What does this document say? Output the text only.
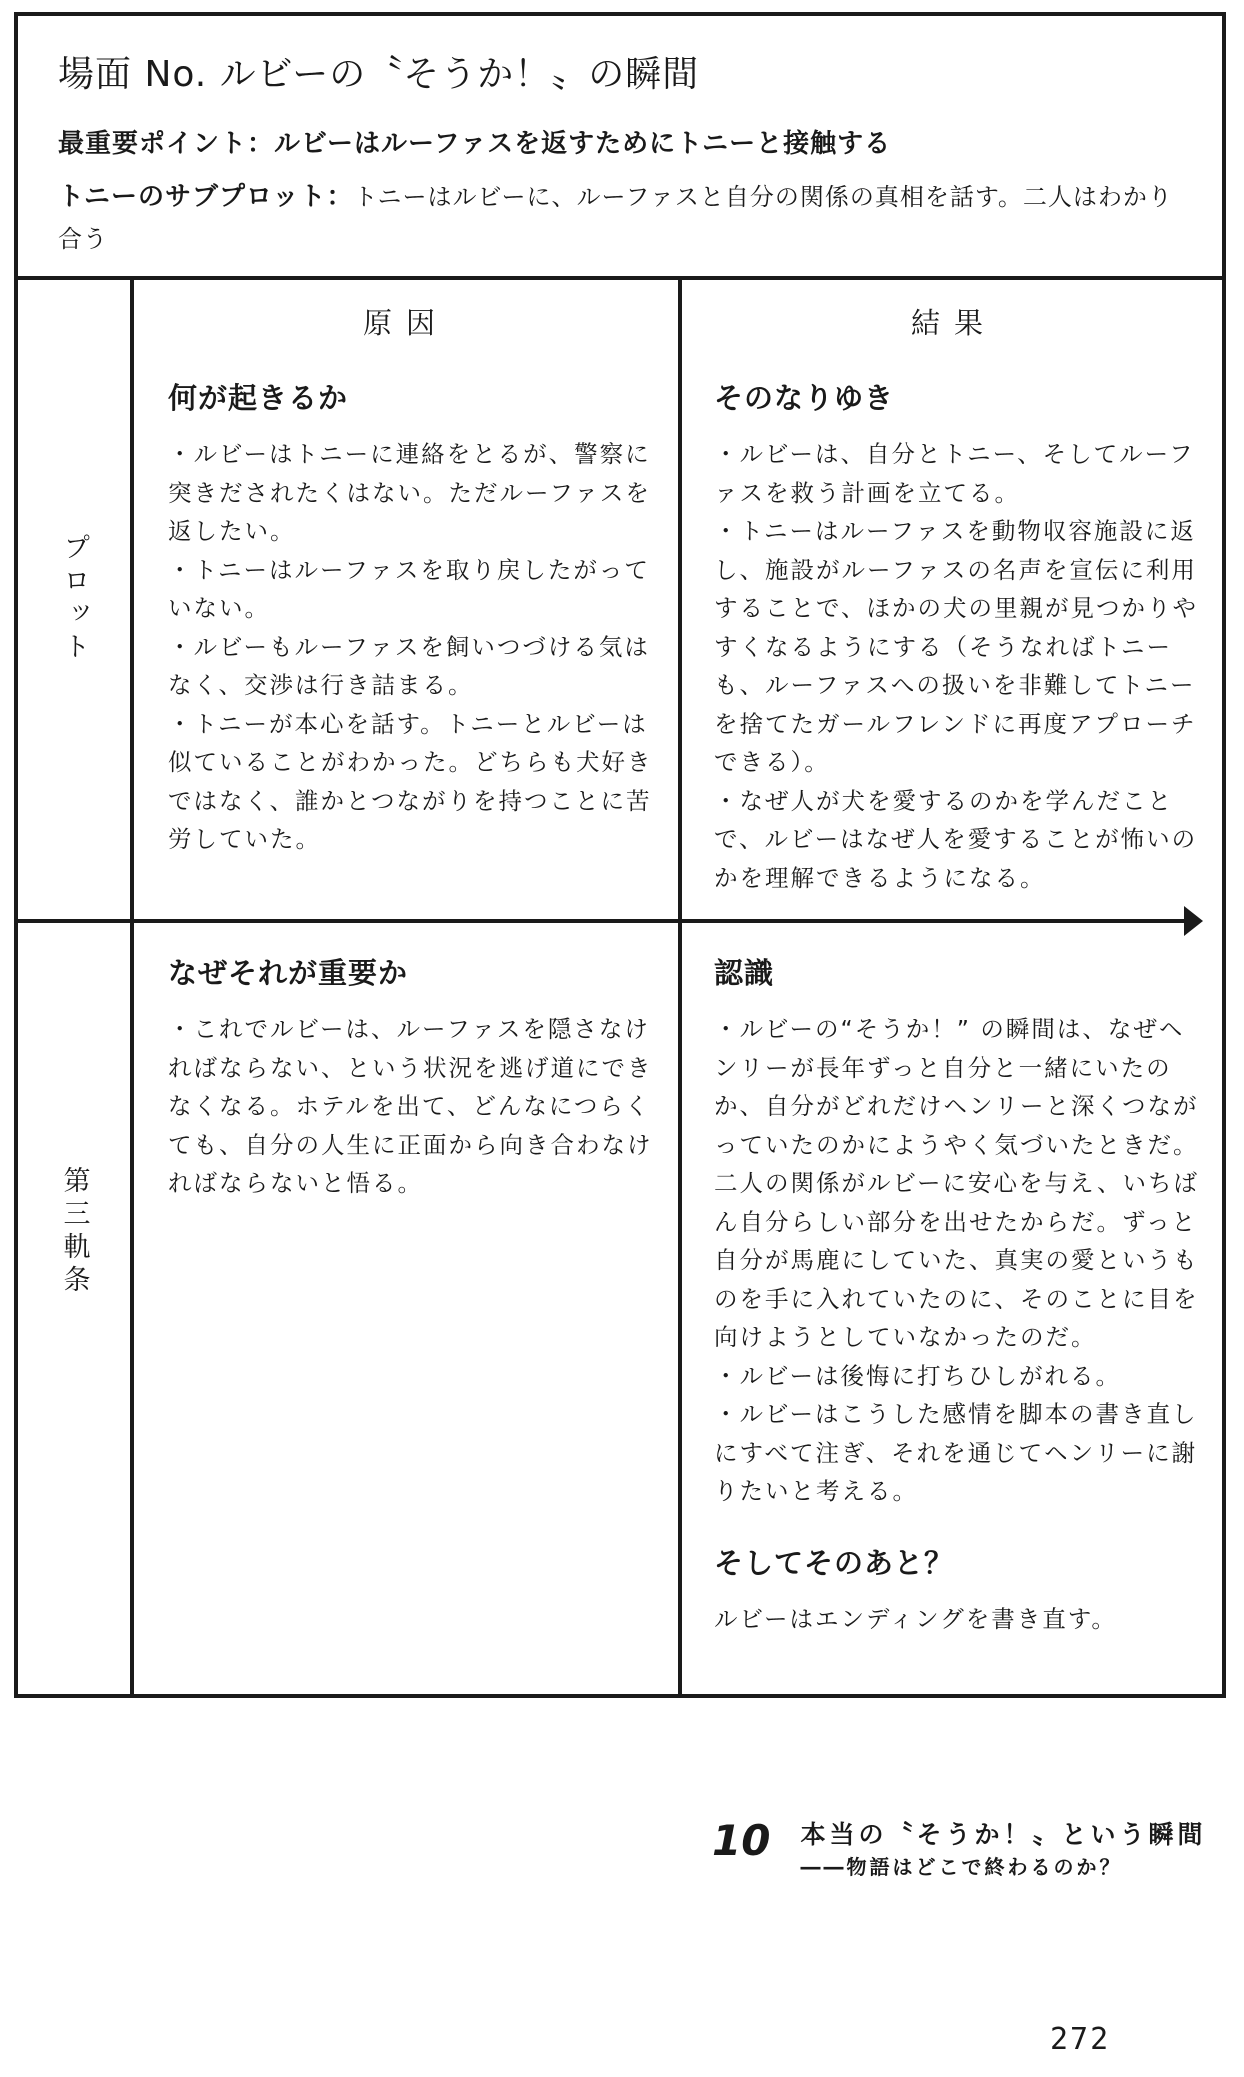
場面 No. ルビーの〝そうか！〟の瞬間
最重要ポイント：ルビーはルーファスを返すためにトニーと接触する
トニーのサブプロット：トニーはルビーに、ルーファスと自分の関係の真相を話す。二人はわかり合う
プロット
第三軌条
原因	結果
何が起きるか
・ルビーはトニーに連絡をとるが、警察に突きだされたくはない。ただルーファスを返したい。
・トニーはルーファスを取り戻したがっていない。
・ルビーもルーファスを飼いつづける気はなく、交渉は行き詰まる。
・トニーが本心を話す。トニーとルビーは似ていることがわかった。どちらも犬好きではなく、誰かとつながりを持つことに苦労していた。
そのなりゆき
・ルビーは、自分とトニー、そしてルーファスを救う計画を立てる。
・トニーはルーファスを動物収容施設に返し、施設がルーファスの名声を宣伝に利用することで、ほかの犬の里親が見つかりやすくなるようにする（そうなればトニーも、ルーファスへの扱いを非難してトニーを捨てたガールフレンドに再度アプローチできる）。
・なぜ人が犬を愛するのかを学んだことで、ルビーはなぜ人を愛することが怖いのかを理解できるようになる。
なぜそれが重要か
・これでルビーは、ルーファスを隠さなければならない、という状況を逃げ道にできなくなる。ホテルを出て、どんなにつらくても、自分の人生に正面から向き合わなければならないと悟る。
認識
・ルビーの“そうか！” の瞬間は、なぜヘンリーが長年ずっと自分と一緒にいたのか、自分がどれだけヘンリーと深くつながっていたのかにようやく気づいたときだ。二人の関係がルビーに安心を与え、いちばん自分らしい部分を出せたからだ。ずっと自分が馬鹿にしていた、真実の愛というものを手に入れていたのに、そのことに目を向けようとしていなかったのだ。
・ルビーは後悔に打ちひしがれる。
・ルビーはこうした感情を脚本の書き直しにすべて注ぎ、それを通じてヘンリーに謝りたいと考える。
そしてそのあと？

ルビーはエンディングを書き直す。

10 本当の〝そうか！〟という瞬間
――物語はどこで終わるのか？
272
